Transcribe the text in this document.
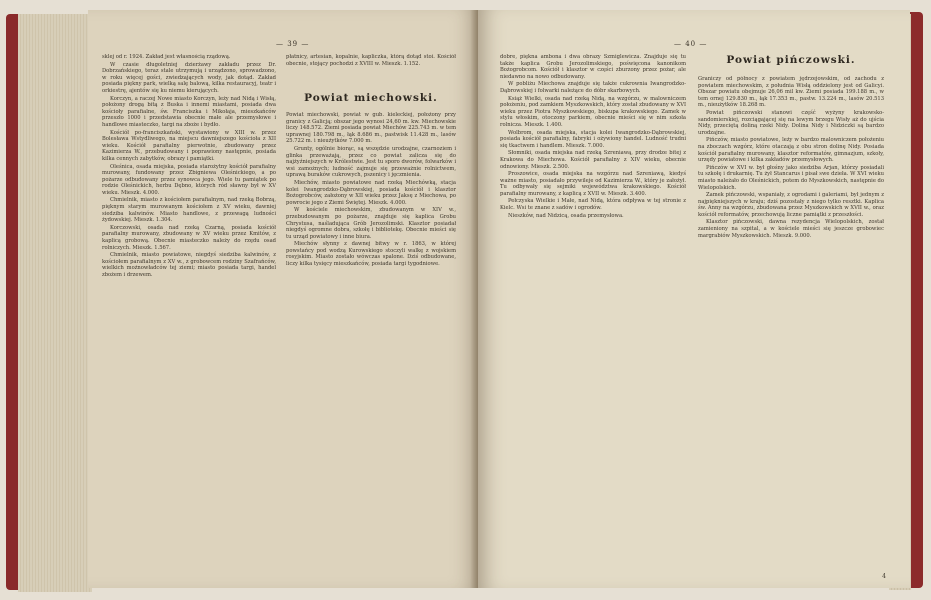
— 39 —

sklej od r. 1924. Zakład jest własnością rządową.

W czasie długoletniej dzierżawy zakładu przez Dr. Dobrzańskiego, teraz stale utrzymują i urządzono, sprowadzono, w roku więcej gości, zwiedzających wody, jak dotąd. Zakład posiada piękny park, wielką salę balową, kilka restauracyj, teatr i orkiestrę, ajentów się ku niemu kierujących.

Korczyn, a raczej Nowe miasto Korczyn, leży nad Nidą i Wisłą, położony drogą bitą z Buska i innemi miastami, posiada dwa kościoły parafialne, św. Franciszka i Mikołaja, mieszkańców przeszło 1000 i przedstawia obecnie małe ale przemysłowe i handlowe miasteczko, targi na zboże i bydło.

Kościół po-franciszkański, wystawiony w XIII w. przez Bolesława Wstydliwego, na miejscu dawniejszego kościoła z XII wieku. Kościół parafialny pierwotnie, zbudowany przez Kazimierza W., przebudowany i poprawiony następnie, posiada kilka cennych zabytków, obrazy i pamiątki.

Oleśnica, osada miejska, posiada starożytny kościół parafialny murowany, fundowany przez Zbigniewa Oleśnickiego, a po pożarze odbudowany przez synowca jego. Wiele tu pamiątek po rodzie Oleśnickich, herbu Dębno, których ród sławny był w XV wieku. Mieszk. 4.000.

Chmielnik, miasto z kościołem parafialnym, nad rzeką Bobrzą, pięknym starym murowanym kościołem z XV wieku, dawniej siedziba kalwinów. Miasto handlowe, z przewagą ludności żydowskiej. Mieszk. 1.304.

Korczowski, osada nad rzeką Czarną, posiada kościół parafialny murowany, zbudowany w XV wieku przez Kmitów, z kaplicą grobową. Obecnie miasteczko należy do rzędu osad rolniczych. Mieszk. 1.567.

Chmielnik, miasto powiatowe, niegdyś siedziba kalwinów, z kościołem parafialnym z XV w., z grobowcem rodziny Szafrańców, wielkich możnowładców tej ziemi; miasto posiada targi, handel zbożem i drzewem.

płatnicy, artesian, kopalnie, kapliczka, którą dotąd stoi. Kościół obecnie, stojący pochodzi z XVIII w. Mieszk. 1.152.

Powiat miechowski.

Powiat miechowski, powiat w gub. kieleckiej, położony przy granicy z Galicją; obszar jego wynosi 24,60 m. kw. Miechowskie liczy 148.572. Ziemi posiada powiat Miechów 225.743 m. w tem uprawnej 180.798 m., łąk 8.686 m., pastwisk 11.428 m., lasów 25.722 m. i nieużytków 7.000 m.

Grunty, ogólnie biorąc, są wszędzie urodzajne, czarnoziem i glinka przeważają, przez co powiat zalicza się do najżyźniejszych w Królestwie. Jest tu sporo dworów, folwarków i wsi zamożnych; ludność zajmuje się przeważnie rolnictwem, uprawą buraków cukrowych, pszenicy i jęczmienia.

Miechów, miasto powiatowe nad rzeką Miechówką, stacja kolei Iwangrodzko-Dąbrowskiej, posiada kościół i klasztor Bożogrobców, założony w XII wieku przez Jaksę z Miechowa, po powrocie jego z Ziemi Świętej. Mieszk. 4.000.

W kościele miechowskim, zbudowanym w XIV w., przebudowanym po pożarze, znajduje się kaplica Grobu Chrystusa, naśladująca Grób Jerozolimski. Klasztor posiadał niegdyś ogromne dobra, szkołę i bibliotekę. Obecnie mieści się tu urząd powiatowy i inne biura.

Miechów słynny z dawnej bitwy w r. 1863, w której powstańcy pod wodzą Kurowskiego stoczyli walkę z wojskiem rosyjskim. Miasto zostało wówczas spalone. Dziś odbudowane, liczy kilka tysięcy mieszkańców, posiada targi tygodniowe.

— 40 —

dobre, piękna ambona i dwa obrazy Szmiglewicza. Znajduje się tu także kaplica Grobu Jerozolimskiego, poświęcona kanonikom Bożogrobcom. Kościół i klasztor w części zburzony przez pożar, ale niedawno na nowo odbudowany.

W pobliżu Miechowa znajduje się także cukrownia Iwangrodzko-Dąbrowskiej i folwarki należące do dóbr skarbowych.

Książ Wielki, osada nad rzeką Nidą, na wzgórzu, w malowniczem położeniu, pod zamkiem Myszkowskich, który został zbudowany w XVI wieku przez Piotra Myszkowskiego, biskupa krakowskiego. Zamek w stylu włoskim, otoczony parkiem, obecnie mieści się w nim szkoła rolnicza. Mieszk. 1.400.

Wolbrom, osada miejska, stacja kolei Iwangrodzko-Dąbrowskiej, posiada kościół parafialny, fabryki i ożywiony handel. Ludność trudni się tkactwem i handlem. Mieszk. 7.000.

Słomniki, osada miejska nad rzeką Szreniawą, przy drodze bitej z Krakowa do Miechowa. Kościół parafialny z XIV wieku, obecnie odnowiony. Mieszk. 2.500.

Proszowice, osada miejska na wzgórzu nad Szreniawą, kiedyś ważne miasto, posiadało przywileje od Kazimierza W., który je założył. Tu odbywały się sejmiki województwa krakowskiego. Kościół parafialny murowany, z kaplicą z XVII w. Mieszk. 3.400.

Pełczyska Wielkie i Małe, nad Nidą, która odpływa w tej stronie z Kielc. Wsi te znane z sadów i ogrodów.

Nieszków, nad Nidzicą, osada przemysłowa.

Powiat pińczowski.

Graniczy od północy z powiatem jędrzejowskim, od zachodu z powiatem miechowskim, z południa Wisłą oddzielony jest od Galicyi. Obszar powiatu obejmuje 26,06 mil kw. Ziemi posiada 199.188 m., w tem ornej 129.830 m., łąk 17.353 m., pastw. 13.224 m., lasów 20.513 m., nieużytków 18.268 m.

Powiat pińczowski stanowi część wyżyny krakowsko-sandomierskiej, rozciągającej się na lewym brzegu Wisły aż do ujścia Nidy, przeciętą doliną rzeki Nidy. Dolina Nidy i Nidziczki są bardzo urodzajne.

Pińczów, miasto powiatowe, leży w bardzo malowniczem położeniu na zboczach wzgórz, które otaczają z obu stron dolinę Nidy. Posiada kościół parafialny murowany, klasztor reformatów, gimnazjum, szkoły, urzędy powiatowe i kilka zakładów przemysłowych.

Pińczów w XVI w. był głośny jako siedziba Arjan, którzy posiadali tu szkołę i drukarnię. Tu żył Stancarus i pisał swe dzieła. W XVI wieku miasto należało do Oleśnickich, potem do Myszkowskich, następnie do Wielopolskich.

Zamek pińczowski, wspaniały, z ogrodami i galeriami, był jednym z najpiękniejszych w kraju; dziś pozostały z niego tylko resztki. Kaplica św. Anny na wzgórzu, zbudowana przez Myszkowskich w XVII w., oraz kościół reformatów, przechowują liczne pamiątki z przeszłości.

Klasztor pińczowski, dawna rezydencja Wielopolskich, został zamieniony na szpital, a w kościele mieści się jeszcze grobowiec margrabiów Myszkowskich. Mieszk. 9.000.

4
